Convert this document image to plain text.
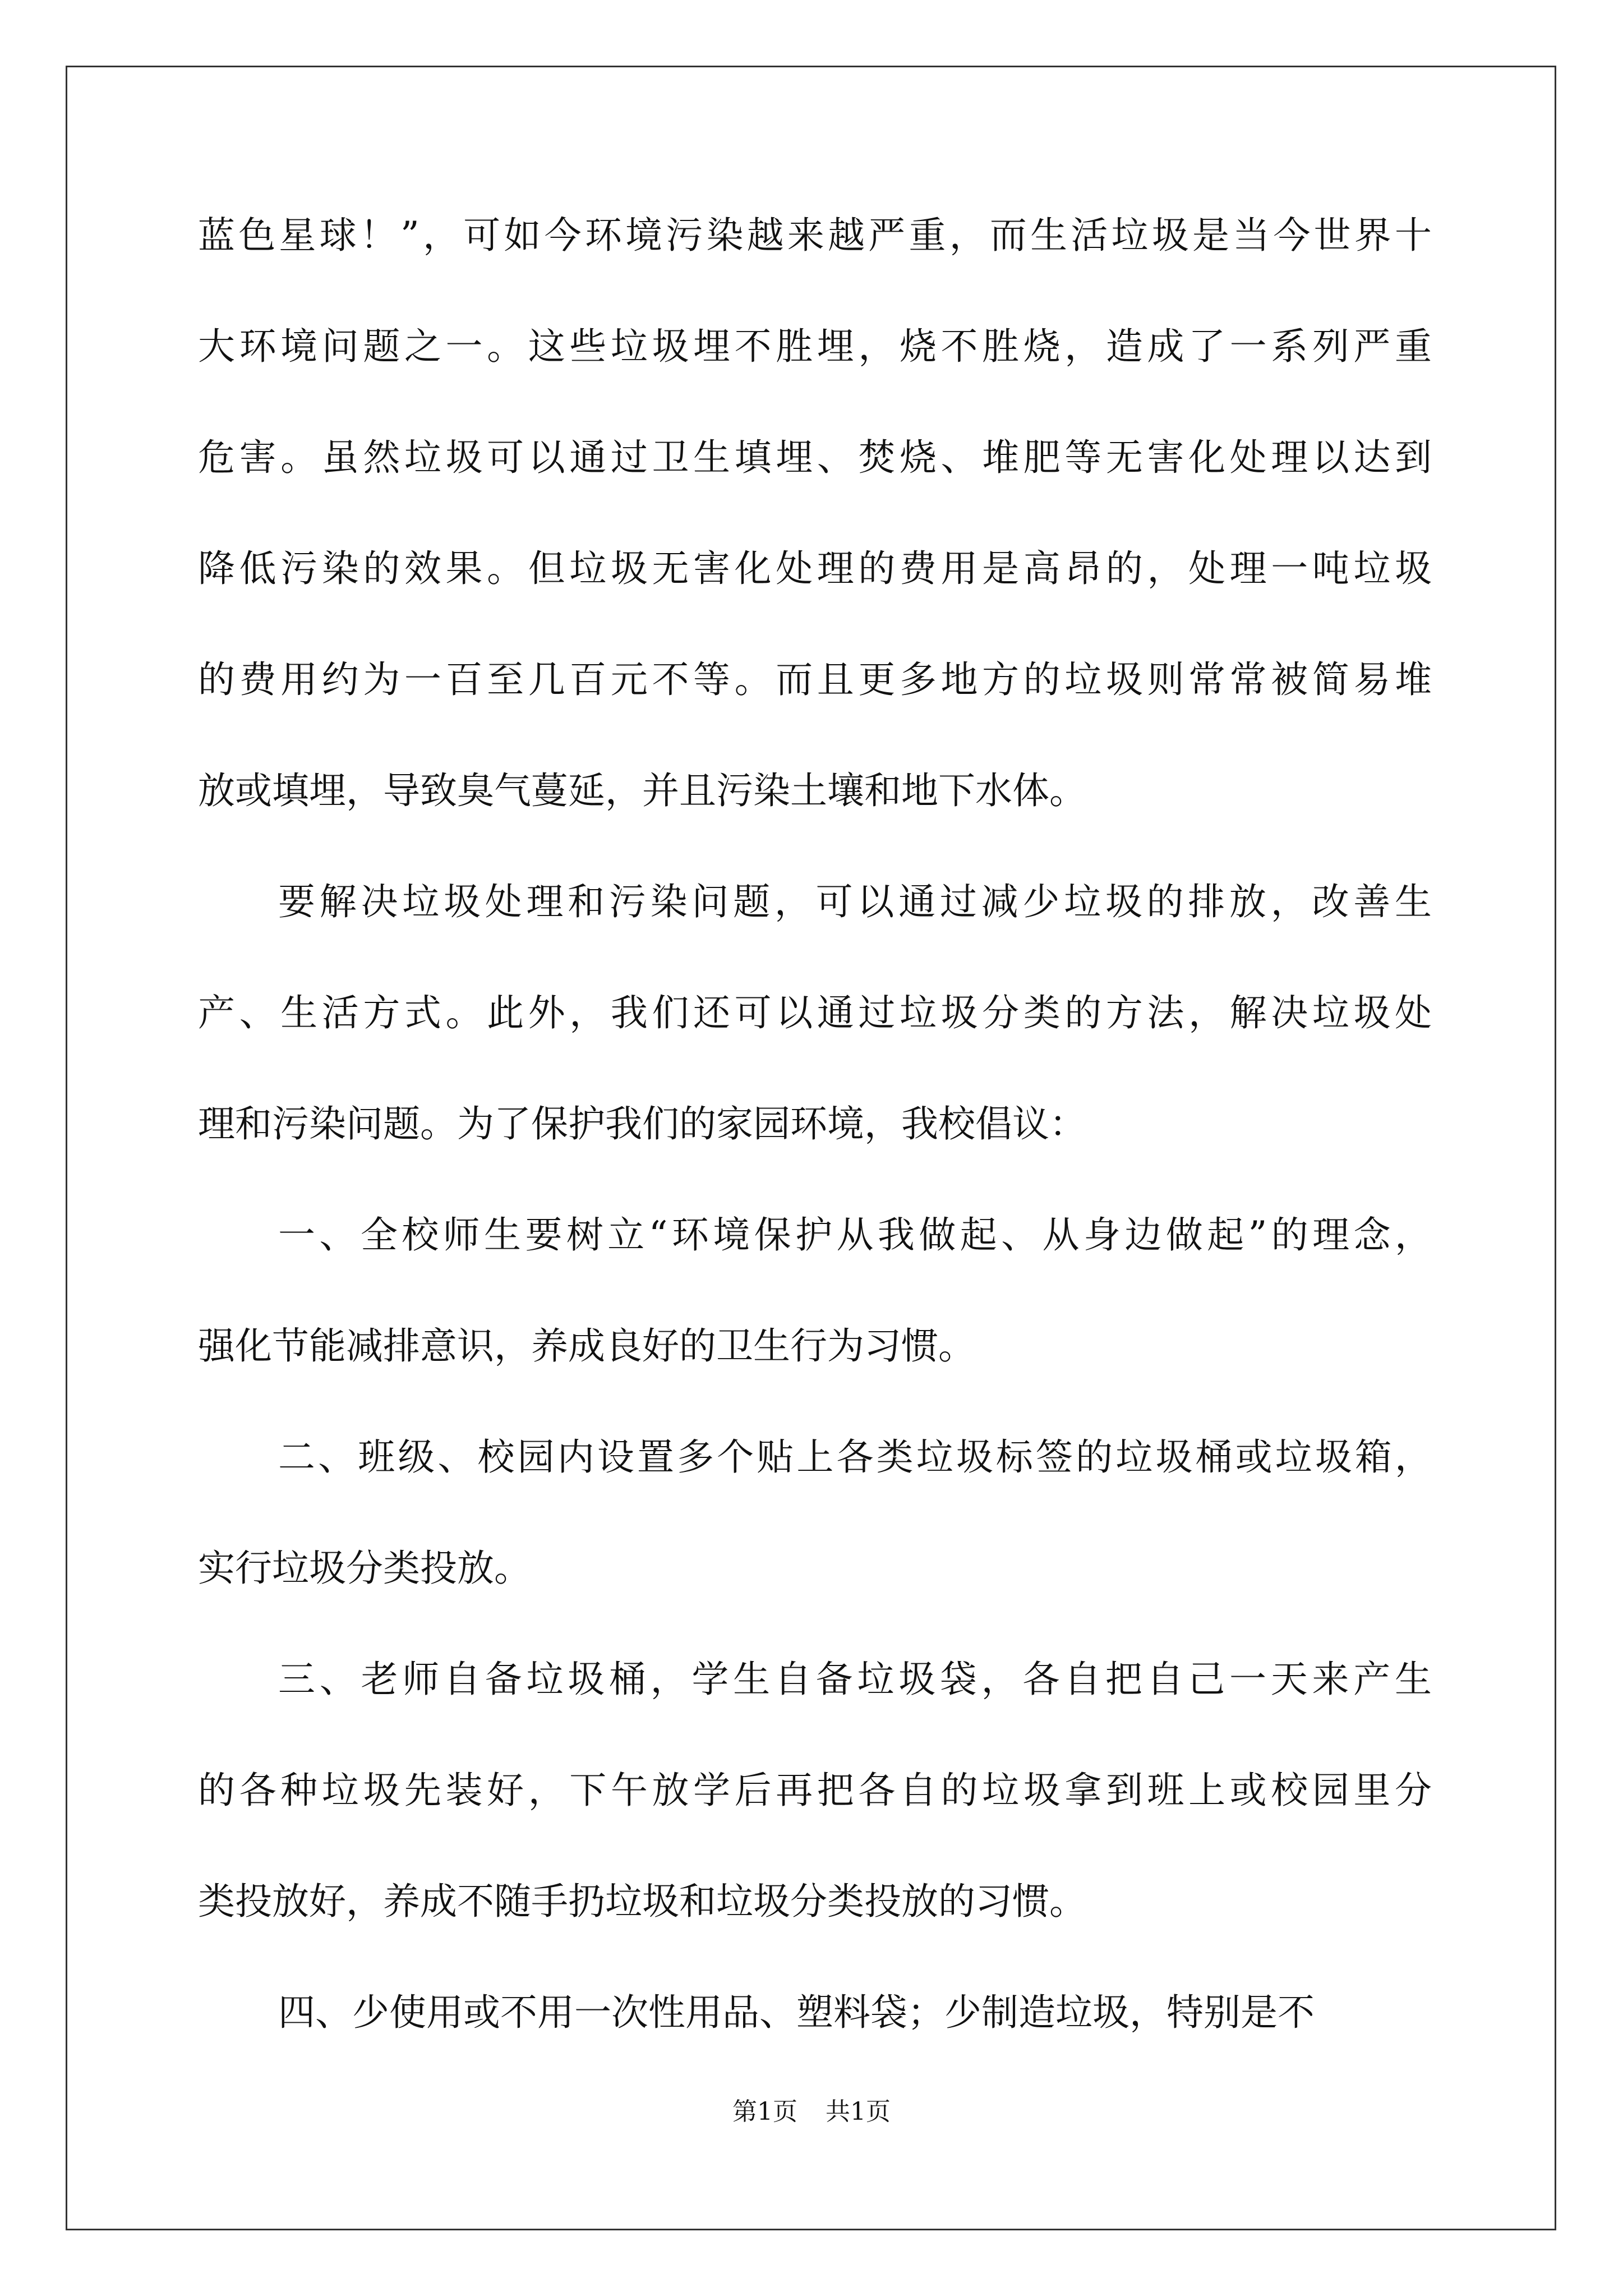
蓝色星球！”，可如今环境污染越来越严重，而生活垃圾是当今世界十
大环境问题之一。这些垃圾埋不胜埋，烧不胜烧，造成了一系列严重
危害。虽然垃圾可以通过卫生填埋、焚烧、堆肥等无害化处理以达到
降低污染的效果。但垃圾无害化处理的费用是高昂的，处理一吨垃圾
的费用约为一百至几百元不等。而且更多地方的垃圾则常常被简易堆
放或填埋，导致臭气蔓延，并且污染土壤和地下水体。
要解决垃圾处理和污染问题，可以通过减少垃圾的排放，改善生
产、生活方式。此外，我们还可以通过垃圾分类的方法，解决垃圾处
理和污染问题。为了保护我们的家园环境，我校倡议：
一、全校师生要树立“环境保护从我做起、从身边做起”的理念，
强化节能减排意识，养成良好的卫生行为习惯。
二、班级、校园内设置多个贴上各类垃圾标签的垃圾桶或垃圾箱，
实行垃圾分类投放。
三、老师自备垃圾桶，学生自备垃圾袋，各自把自己一天来产生
的各种垃圾先装好，下午放学后再把各自的垃圾拿到班上或校园里分
类投放好，养成不随手扔垃圾和垃圾分类投放的习惯。
四、少使用或不用一次性用品、塑料袋；少制造垃圾，特别是不
第1页 共1页
